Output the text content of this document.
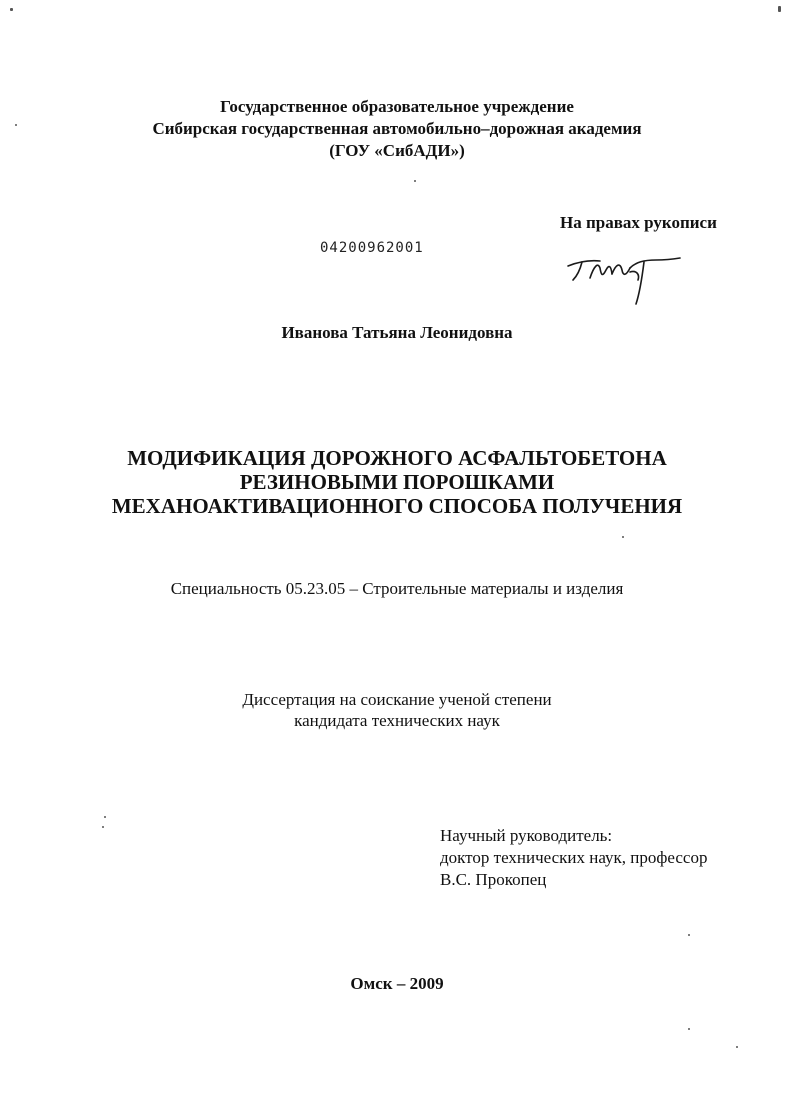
Государственное образовательное учреждение
Сибирская государственная автомобильно–дорожная академия
(ГОУ «СибАДИ»)
На правах рукописи
04200962001
Иванова Татьяна Леонидовна
МОДИФИКАЦИЯ ДОРОЖНОГО АСФАЛЬТОБЕТОНА
РЕЗИНОВЫМИ ПОРОШКАМИ
МЕХАНОАКТИВАЦИОННОГО СПОСОБА ПОЛУЧЕНИЯ
Специальность 05.23.05 – Строительные материалы и изделия
Диссертация на соискание ученой степени
кандидата технических наук
Научный руководитель:
доктор технических наук, профессор
В.С. Прокопец
Омск – 2009
